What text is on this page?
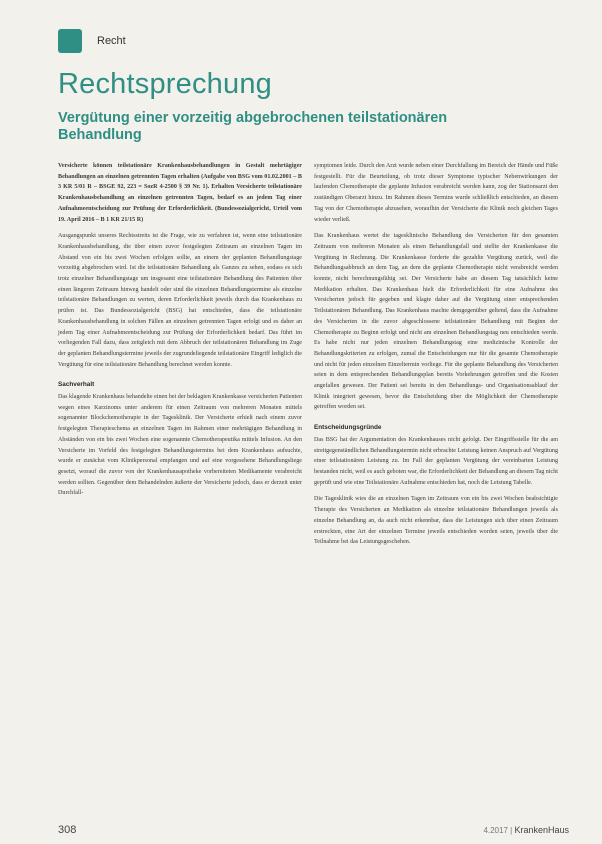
Recht
Rechtsprechung
Vergütung einer vorzeitig abgebrochenen teilstationären Behandlung

Versicherte können teilstationäre Krankenhausbehandlungen in Gestalt mehrtägiger Behandlungen an einzelnen getrennten Tagen erhalten (Aufgabe von BSG vom 01.02.2001 – B 3 KR 5/01 R – BSGE 92, 223 = SozR 4-2500 § 39 Nr. 1). Erhalten Versicherte teilstationäre Krankenhausbehandlung an einzelnen getrennten Tagen, bedarf es an jedem Tag einer Aufnahmeentscheidung zur Prüfung der Erforderlichkeit. (Bundessozialgericht, Urteil vom 19. April 2016 – B 1 KR 21/15 R)

Ausgangspunkt unseres Rechtsstreits ist die Frage, wie zu verfahren ist, wenn eine teilstationäre Krankenhausbehandlung, die über einen zuvor festgelegten Zeitraum an einzelnen Tagen im Abstand von ein bis zwei Wochen erfolgen sollte, an einem der geplanten Behandlungstage vorzeitig abgebrochen wird. Ist die teilstationäre Behandlung als Ganzes zu sehen, sodass es sich trotz einzelner Behandlungstage um insgesamt eine teilstationäre Behandlung des Patienten über einen längeren Zeitraum hinweg handelt oder sind die einzelnen Behandlungstermine als einzelne teilstationäre Behandlungen zu werten, deren Erforderlichkeit jeweils durch das Krankenhaus zu prüfen ist. Das Bundessozialgericht (BSG) hat entschieden, dass die teilstationäre Krankenhausbehandlung in solchen Fällen an einzelnen getrennten Tagen erfolgt und es daher an jedem Tag einer Aufnahmeentscheidung zur Prüfung der Erforderlichkeit bedarf. Das führt im vorliegenden Fall dazu, dass zeitgleich mit dem Abbruch der teilstationären Behandlung im Zuge der geplanten Behandlungstermine jeweils der zugrundeliegende teilstationäre Eingriff lediglich die Vergütung für eine teilstationäre Behandlung berechnet werden konnte.

Sachverhalt

Das klagende Krankenhaus behandelte einen bei der beklagten Krankenkasse versicherten Patienten wegen eines Karzinoms unter anderem für einen Zeitraum von mehreren Monaten mittels sogenannter Blockchemotherapie in der Tagesklinik. Der Versicherte erhielt nach einem zuvor festgelegten Therapieschema an einzelnen Tagen im Rahmen einer mehrtägigen Behandlung in Abständen von ein bis zwei Wochen eine sogenannte Chemotherapeutika mittels Infusion. An den Versicherte im Vorfeld des festgelegten Behandlungstermins bei dem Krankenhaus aufsuchte, wurde er zunächst vom Klinikpersonal empfangen und auf eine vorgesehene Behandlungsliege gesetzt, worauf die zuvor von der Krankenhausapotheke vorbereiteten Medikamente verabreicht werden sollten. Gegenüber dem Behandelnden äußerte der Versicherte jedoch, dass er derzeit unter Durchfall-

symptomen leide. Durch den Arzt wurde neben einer Durchfallung im Bereich der Hände und Füße festgestellt. Für die Beurteilung, ob trotz dieser Symptome typischer Nebenwirkungen der laufenden Chemotherapie die geplante Infusion verabreicht werden kann, zog der Stationsarzt den zuständigen Oberarzt hinzu. Im Rahmen dieses Termins wurde schließlich entschieden, an diesem Tag von der Chemotherapie abzusehen, woraufhin der Versicherte die Klinik noch gleichen Tages wieder verließ.

Das Krankenhaus wertet die tagesklinische Behandlung des Versicherten für den gesamten Zeitraum von mehreren Monaten als einen Behandlungsfall und stellte der Krankenkasse die Vergütung in Rechnung. Die Krankenkasse forderte die gezahlte Vergütung zurück, weil die Behandlungsabbruch an dem Tag, an dem die geplante Chemotherapie nicht verabreicht werden konnte, nicht berechnungsfähig sei. Der Versicherte habe an diesem Tag tatsächlich keine Medikation erhalten. Das Krankenhaus hielt die Erforderlichkeit für eine Aufnahme des Versicherten jedoch für gegeben und klagte daher auf die Vergütung einer entsprechenden Teilstationären Behandlung. Das Krankenhaus machte demgegenüber geltend, dass die Aufnahme des Versicherten in die zuvor abgeschlossene teilstationäre Behandlung mit Beginn der Chemotherapie zu Beginn erfolgt und nicht am einzelnen Behandlungstag neu entschieden werde. Es habe nicht nur jeden einzelnen Behandlungstag eine medizinische Kontrolle der Behandlungskriterien zu erfolgen, zumal die Entscheidungen nur für die gesamte Chemotherapie und nicht für jeden einzelnen Einzeltermin vorliege. Für die geplante Behandlung des Versicherten seien in dem entsprechenden Behandlungsplan bereits Vorkehrungen getroffen und die Kosten angefallen gewesen. Der Patient sei bereits in den Behandlungs- und Organisationsablauf der Klinik integriert gewesen, bevor die Entscheidung über die Möglichkeit der Chemotherapie getroffen worden sei.

Entscheidungsgründe

Das BSG hat der Argumentation des Krankenhauses nicht gefolgt. Der Eingriffsstelle für die am streitgegenständlichen Behandlungstermin nicht erbrachte Leistung keinen Anspruch auf Vergütung einer teilstationären Leistung zu. Im Fall der geplanten Vergütung der vereinbarten Leistung bestanden nicht, weil es auch geboten war, die Erforderlichkeit der Behandlung an diesem Tag nicht geprüft und wie eine Teilstationäre Aufnahme entschieden hat, noch die Leistung Tabelle.

Die Tagesklinik wies die an einzelnen Tagen im Zeitraum von ein bis zwei Wochen beabsichtigte Therapie des Versicherten an Medikation als einzelne teilstationäre Behandlungen jeweils als einzelne Behandlung an, da auch nicht erkennbar, dass die Leistungen sich über einen Zeitraum erstreckten, eine Art der einzelnen Termine jeweils entschieden worden seien, jeweils über die Teilnahme bei das Leistungsgeschehen.

308	4.2017 | KrankenHaus
